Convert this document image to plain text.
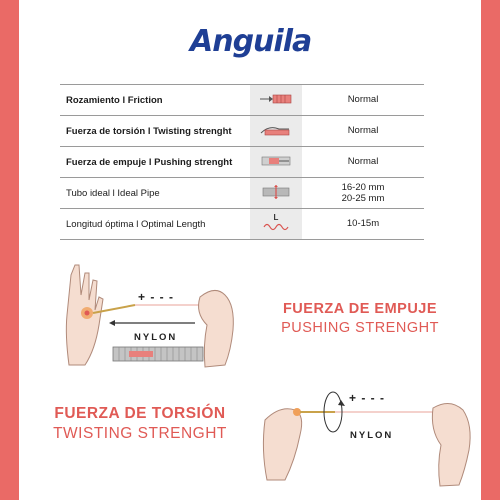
Anguila
Rozamiento l Friction		Normal
Fuerza de torsión l Twisting strenght		Normal
Fuerza de empuje l Pushing strenght		Normal
Tubo ideal l Ideal Pipe		16-20 mm
20-25 mm

Longitud óptima l Optimal Length	L	10-15m
+ - - -
NYLON
FUERZA DE EMPUJE
PUSHING STRENGHT
+ - - -
NYLON
FUERZA DE TORSIÓN
TWISTING STRENGHT
